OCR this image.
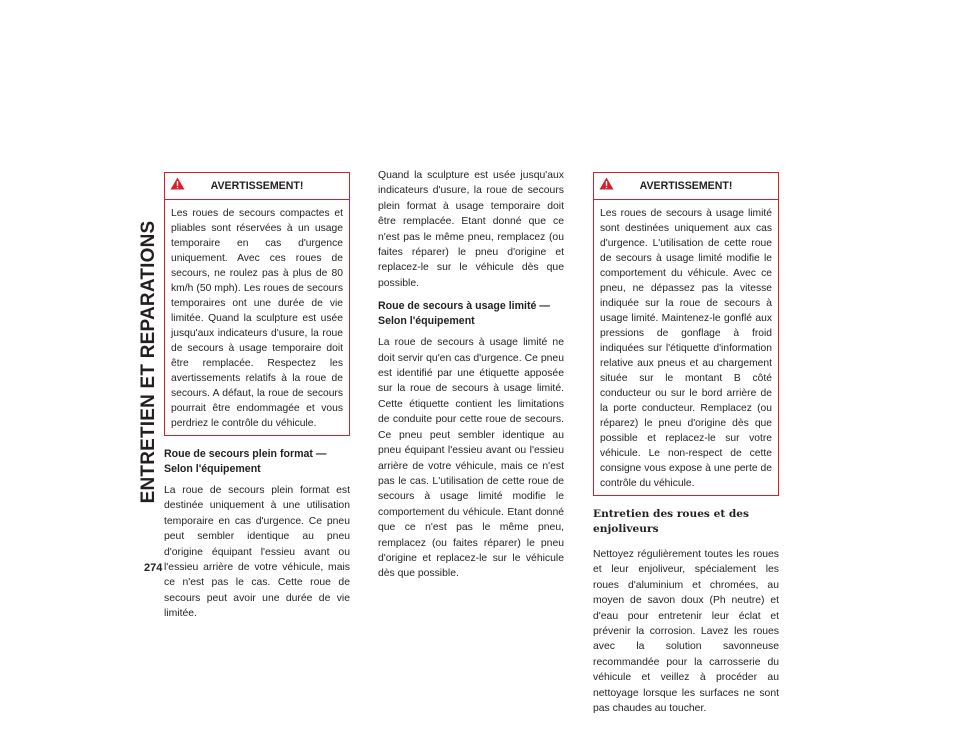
ENTRETIEN ET REPARATIONS
274
AVERTISSEMENT!
Les roues de secours compactes et pliables sont réservées à un usage temporaire en cas d'urgence uniquement. Avec ces roues de secours, ne roulez pas à plus de 80 km/h (50 mph). Les roues de secours temporaires ont une durée de vie limitée. Quand la sculpture est usée jusqu'aux indicateurs d'usure, la roue de secours à usage temporaire doit être remplacée. Respectez les avertissements relatifs à la roue de secours. A défaut, la roue de secours pourrait être endommagée et vous perdriez le contrôle du véhicule.
Roue de secours plein format — Selon l'équipement

La roue de secours plein format est destinée uniquement à une utilisation temporaire en cas d'urgence. Ce pneu peut sembler identique au pneu d'origine équipant l'essieu avant ou l'essieu arrière de votre véhicule, mais ce n'est pas le cas. Cette roue de secours peut avoir une durée de vie limitée.

Quand la sculpture est usée jusqu'aux indicateurs d'usure, la roue de secours plein format à usage temporaire doit être remplacée. Etant donné que ce n'est pas le même pneu, remplacez (ou faites réparer) le pneu d'origine et replacez-le sur le véhicule dès que possible.

Roue de secours à usage limité — Selon l'équipement

La roue de secours à usage limité ne doit servir qu'en cas d'urgence. Ce pneu est identifié par une étiquette apposée sur la roue de secours à usage limité. Cette étiquette contient les limitations de conduite pour cette roue de secours. Ce pneu peut sembler identique au pneu équipant l'essieu avant ou l'essieu arrière de votre véhicule, mais ce n'est pas le cas. L'utilisation de cette roue de secours à usage limité modifie le comportement du véhicule. Etant donné que ce n'est pas le même pneu, remplacez (ou faites réparer) le pneu d'origine et replacez-le sur le véhicule dès que possible.

AVERTISSEMENT!
Les roues de secours à usage limité sont destinées uniquement aux cas d'urgence. L'utilisation de cette roue de secours à usage limité modifie le comportement du véhicule. Avec ce pneu, ne dépassez pas la vitesse indiquée sur la roue de secours à usage limité. Maintenez-le gonflé aux pressions de gonflage à froid indiquées sur l'étiquette d'information relative aux pneus et au chargement située sur le montant B côté conducteur ou sur le bord arrière de la porte conducteur. Remplacez (ou réparez) le pneu d'origine dès que possible et replacez-le sur votre véhicule. Le non-respect de cette consigne vous expose à une perte de contrôle du véhicule.
Entretien des roues et des enjoliveurs

Nettoyez régulièrement toutes les roues et leur enjoliveur, spécialement les roues d'aluminium et chromées, au moyen de savon doux (Ph neutre) et d'eau pour entretenir leur éclat et prévenir la corrosion. Lavez les roues avec la solution savonneuse recommandée pour la carrosserie du véhicule et veillez à procéder au nettoyage lorsque les surfaces ne sont pas chaudes au toucher.
